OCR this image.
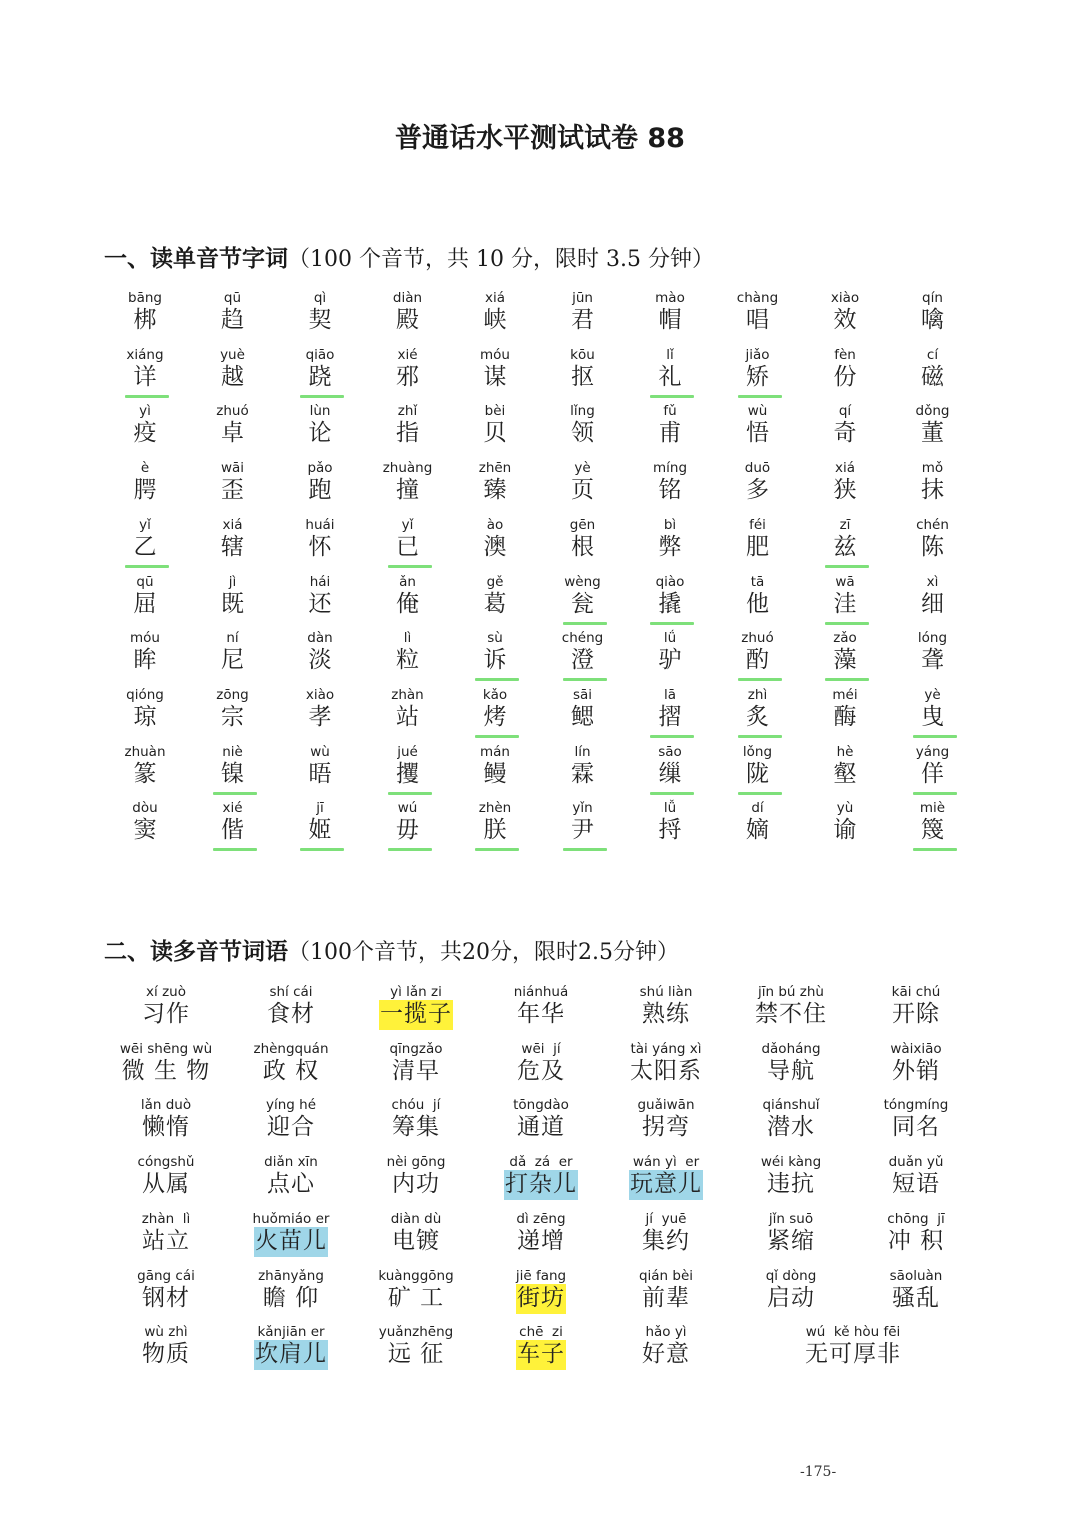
普通话水平测试试卷 88
一、读单音节字词（100 个音节，共 10 分，限时 3.5 分钟）
bāng
梆
qū
趋
qì
契
diàn
殿
xiá
峡
jūn
君
mào
帽
chàng
唱
xiào
效
qín
噙
xiáng
详
yuè
越
qiāo
跷
xié
邪
móu
谋
kōu
抠
lǐ
礼
jiǎo
矫
fèn
份
cí
磁
yì
疫
zhuó
卓
lùn
论
zhǐ
指
bèi
贝
lǐng
领
fǔ
甫
wù
悟
qí
奇
dǒng
董
è
腭
wāi
歪
pǎo
跑
zhuàng
撞
zhēn
臻
yè
页
míng
铭
duō
多
xiá
狭
mǒ
抹
yǐ
乙
xiá
辖
huái
怀
yǐ
已
ào
澳
gēn
根
bì
弊
féi
肥
zī
兹
chén
陈
qū
屈
jì
既
hái
还
ǎn
俺
gě
葛
wèng
瓮
qiào
撬
tā
他
wā
洼
xì
细
móu
眸
ní
尼
dàn
淡
lì
粒
sù
诉
chéng
澄
lǘ
驴
zhuó
酌
zǎo
藻
lóng
聋
qióng
琼
zōng
宗
xiào
孝
zhàn
站
kǎo
烤
sāi
鳃
lā
摺
zhì
炙
méi
酶
yè
曳
zhuàn
篆
niè
镍
wù
晤
jué
攫
mán
鳗
lín
霖
sāo
缫
lǒng
陇
hè
壑
yáng
佯
dòu
窦
xié
偕
jī
姬
wú
毋
zhèn
朕
yǐn
尹
lǚ
捋
dí
嫡
yù
谕
miè
篾
二、读多音节词语（100个音节，共20分，限时2.5分钟）
xí zuò
习作
shí cái
食材
yì lǎn zi
一揽子
niánhuá
年华
shú liàn
熟练
jīn bú zhù
禁不住
kāi chú
开除
wēi shēng wù
微 生 物
zhèngquán
政 权
qīngzǎo
清早
wēi  jí
危及
tài yáng xì
太阳系
dǎoháng
导航
wàixiāo
外销
lǎn duò
懒惰
yíng hé
迎合
chóu  jí
筹集
tōngdào
通道
guǎiwān
拐弯
qiánshuǐ
潜水
tóngmíng
同名
cóngshǔ
从属
diǎn xīn
点心
nèi gōng
内功
dǎ  zá  er
打杂儿
wán yì  er
玩意儿
wéi kàng
违抗
duǎn yǔ
短语
zhàn  lì
站立
huǒmiáo er
火苗儿
diàn dù
电镀
dì zēng
递增
jí  yuē
集约
jǐn suō
紧缩
chōng  jī
冲 积
gāng cái
钢材
zhānyǎng
瞻 仰
kuànggōng
矿 工
jiē fang
街坊
qián bèi
前辈
qǐ dòng
启动
sāoluàn
骚乱
wù zhì
物质
kǎnjiān er
坎肩儿
yuǎnzhēng
远 征
chē  zi
车子
hǎo yì
好意
wú  kě hòu fēi
无可厚非
-175-
